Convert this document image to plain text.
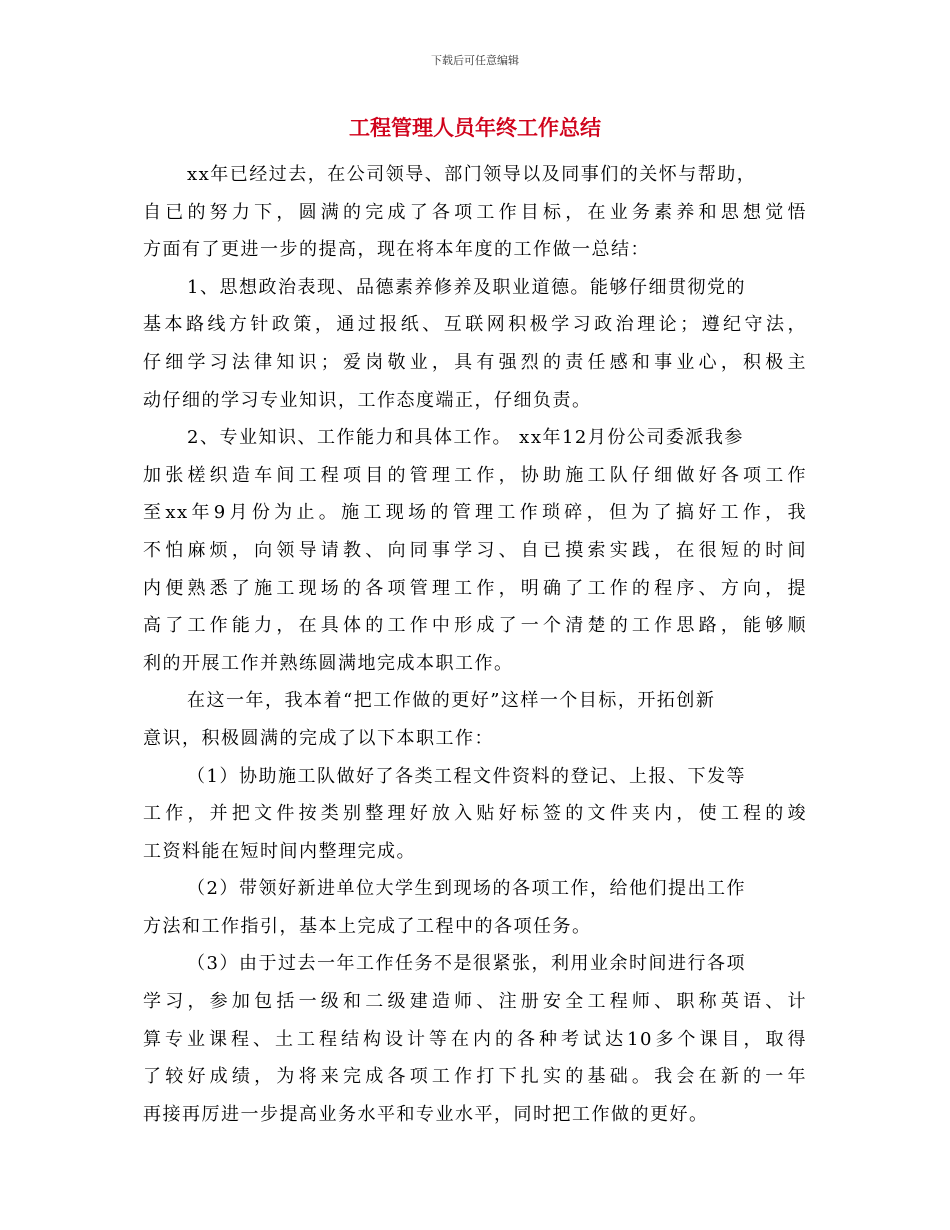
下载后可任意编辑
工程管理人员年终工作总结
xx年已经过去，在公司领导、部门领导以及同事们的关怀与帮助，
自已的努力下，圆满的完成了各项工作目标，在业务素养和思想觉悟
方面有了更进一步的提高，现在将本年度的工作做一总结：
1、思想政治表现、品德素养修养及职业道德。能够仔细贯彻党的
基本路线方针政策，通过报纸、互联网积极学习政治理论；遵纪守法，
仔细学习法律知识；爱岗敬业，具有强烈的责任感和事业心，积极主
动仔细的学习专业知识，工作态度端正，仔细负责。
2、专业知识、工作能力和具体工作。 xx年12月份公司委派我参
加张槎织造车间工程项目的管理工作，协助施工队仔细做好各项工作
至xx年9月份为止。施工现场的管理工作琐碎，但为了搞好工作，我
不怕麻烦，向领导请教、向同事学习、自已摸索实践，在很短的时间
内便熟悉了施工现场的各项管理工作，明确了工作的程序、方向，提
高了工作能力，在具体的工作中形成了一个清楚的工作思路，能够顺
利的开展工作并熟练圆满地完成本职工作。
在这一年，我本着“把工作做的更好”这样一个目标，开拓创新
意识，积极圆满的完成了以下本职工作：
（1）协助施工队做好了各类工程文件资料的登记、上报、下发等
工作，并把文件按类别整理好放入贴好标签的文件夹内，使工程的竣
工资料能在短时间内整理完成。
（2）带领好新进单位大学生到现场的各项工作，给他们提出工作
方法和工作指引，基本上完成了工程中的各项任务。
（3）由于过去一年工作任务不是很紧张，利用业余时间进行各项
学习，参加包括一级和二级建造师、注册安全工程师、职称英语、计
算专业课程、土工程结构设计等在内的各种考试达10多个课目，取得
了较好成绩，为将来完成各项工作打下扎实的基础。我会在新的一年
再接再厉进一步提高业务水平和专业水平，同时把工作做的更好。
